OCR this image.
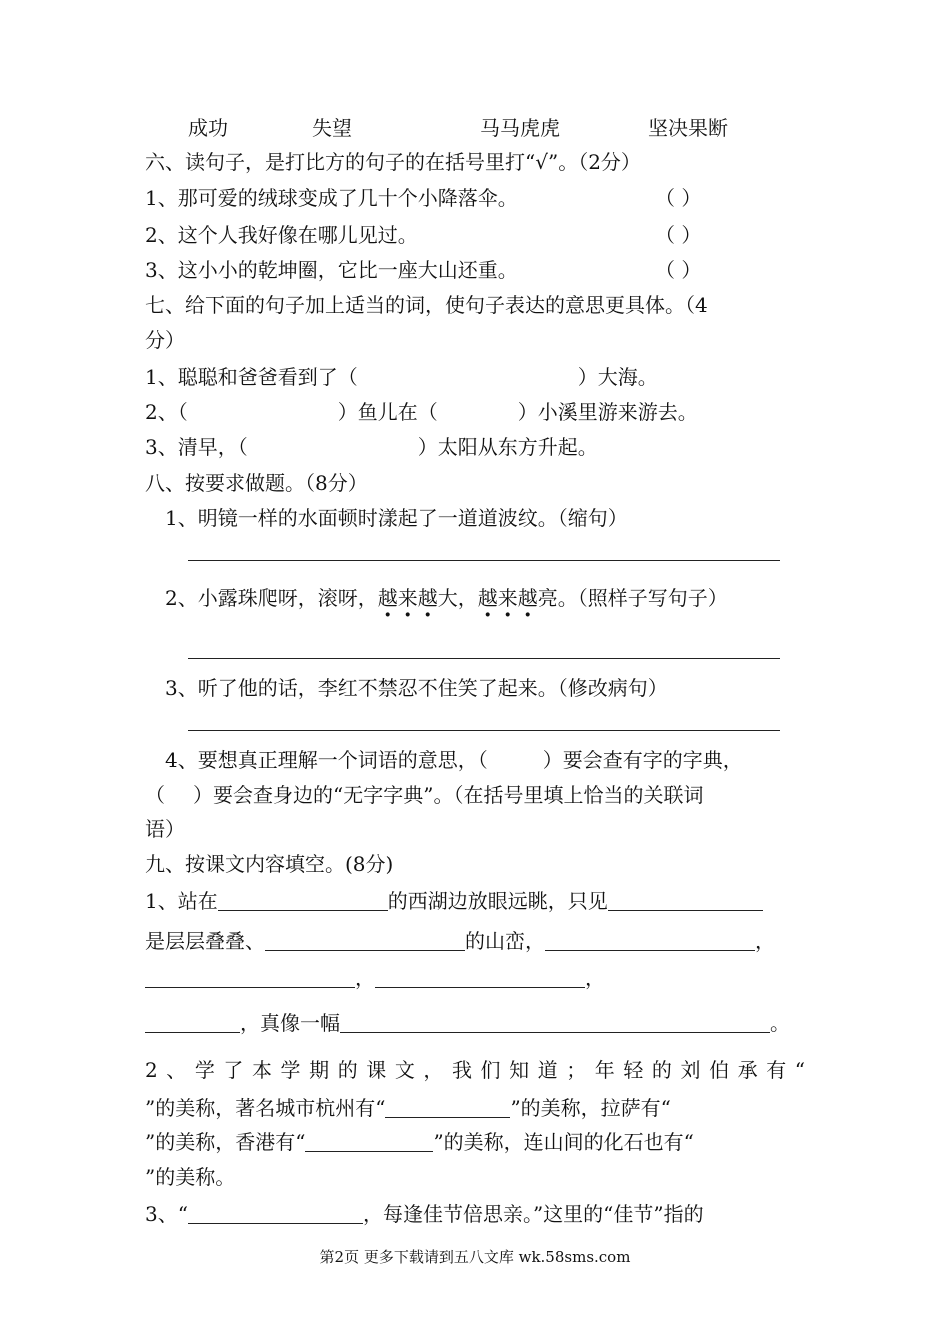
成功	失望	马马虎虎	坚决果断
六、读句子，是打比方的句子的在括号里打“√”。（2分）
1、那可爱的绒球变成了几十个小降落伞。	（ ）
2、这个人我好像在哪儿见过。	（ ）
3、这小小的乾坤圈，它比一座大山还重。	（ ）
七、给下面的句子加上适当的词，使句子表达的意思更具体。（4
分）
1、聪聪和爸爸看到了（	）大海。
2、（	）鱼儿在（	）小溪里游来游去。
3、清早，（	）太阳从东方升起。
八、按要求做题。（8分）
1、明镜一样的水面顿时漾起了一道道波纹。（缩句）
2、小露珠爬呀，滚呀，越来越大，越来越亮。（照样子写句子）
3、听了他的话，李红不禁忍不住笑了起来。（修改病句）
4、要想真正理解一个词语的意思，（	）要会查有字的字典，
（ ）要会查身边的“无字字典”。（在括号里填上恰当的关联词
语）
九、按课文内容填空。(8分)
1、站在	的西湖边放眼远眺，只见
是层层叠叠、	的山峦，	，
，	，
，真像一幅	。
2、学了本学期的课文，我们知道；年轻的刘伯承有“
”的美称，著名城市杭州有“	”的美称，拉萨有“
”的美称，香港有“	”的美称，连山间的化石也有“
”的美称。
3、“	，每逢佳节倍思亲。”这里的“佳节”指的
第2页 更多下载请到五八文库 wk.58sms.com
